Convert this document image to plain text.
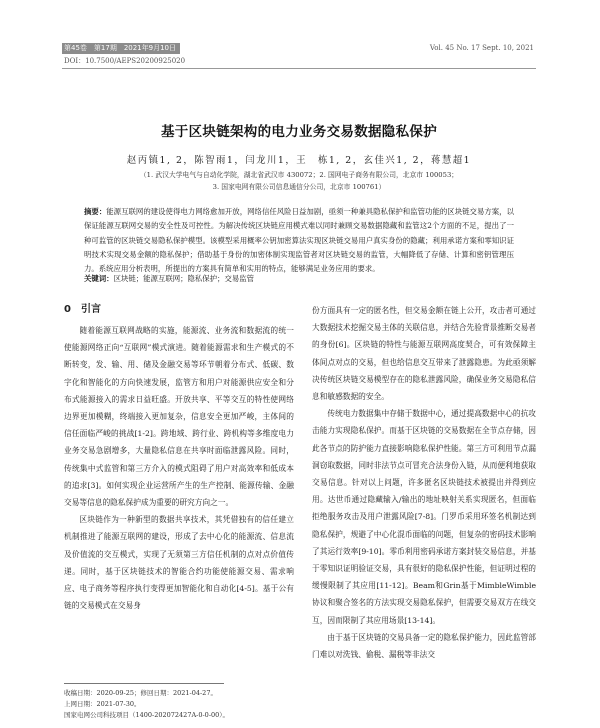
第45卷　第17期　2021年9月10日	Vol. 45 No. 17 Sept. 10, 2021
DOI：10.7500/AEPS20200925020
基于区块链架构的电力业务交易数据隐私保护
赵丙镇1, 2，陈智雨1，闫龙川1，王　栋1, 2，玄佳兴1, 2，蒋慧超1
（1. 武汉大学电气与自动化学院，湖北省武汉市 430072；2. 国网电子商务有限公司，北京市 100053；
3. 国家电网有限公司信息通信分公司，北京市 100761）
摘要：能源互联网的建设使得电力网络愈加开放，网络信任风险日益加剧，亟须一种兼具隐私保护和监管功能的区块链交易方案，以保证能源互联网交易的安全性及可控性。为解决传统区块链应用模式难以同时兼顾交易数据隐藏和监管这2个方面的不足，提出了一种可监管的区块链交易隐私保护模型。该模型采用概率公钥加密算法实现区块链交易用户真实身份的隐藏；利用承诺方案和零知识证明技术实现交易金额的隐私保护；借助基于身份的加密体制实现监管者对区块链交易的监管，大幅降低了存储、计算和密钥管理压力。系统应用分析表明，所提出的方案具有简单和实用的特点，能够满足业务应用的要求。
关键词：区块链；能源互联网；隐私保护；交易监管
0　引言

随着能源互联网战略的实施，能源流、业务流和数据流的统一使能源网络正向“互联网”模式演进。随着能源需求和生产模式的不断转变，发、输、用、储及金融交易等环节朝着分布式、低碳、数字化和智能化的方向快速发展，监管方和用户对能源供应安全和分布式能源接入的需求日益旺盛。开放共享、平等交互的特性使网络边界更加模糊，终端接入更加复杂，信息安全更加严峻，主体间的信任面临严峻的挑战[1-2]。跨地域、跨行业、跨机构等多维度电力业务交易急剧增多，大量隐私信息在共享时面临泄露风险。同时，传统集中式监管和第三方介入的模式阻碍了用户对高效率和低成本的追求[3]。如何实现企业运营所产生的生产控制、能源传输、金融交易等信息的隐私保护成为重要的研究方向之一。

区块链作为一种新型的数据共享技术，其凭借独有的信任建立机制推进了能源互联网的建设，形成了去中心化的能源流、信息流及价值流的交互模式，实现了无须第三方信任机制的点对点价值传递。同时，基于区块链技术的智能合约功能使能源交易、需求响应、电子商务等程序执行变得更加智能化和自动化[4-5]。基于公有链的交易模式在交易身

份方面具有一定的匿名性，但交易金额在链上公开，攻击者可通过大数据技术挖掘交易主体的关联信息，并结合先验背景推断交易者的身份[6]。区块链的特性与能源互联网高度契合，可有效保障主体间点对点的交易，但也给信息交互带来了泄露隐患。为此亟须解决传统区块链交易模型存在的隐私泄露风险，确保业务交易隐私信息和敏感数据的安全。

传统电力数据集中存储于数据中心，通过提高数据中心的抗攻击能力实现隐私保护。而基于区块链的交易数据在全节点存储，因此各节点的防护能力直接影响隐私保护性能。第三方可利用节点漏洞窃取数据，同时非法节点可冒充合法身份入链，从而便利地获取交易信息。针对以上问题，许多匿名区块链技术被提出并得到应用。达世币通过隐藏输入/输出的地址映射关系实现匿名，但面临拒绝服务攻击及用户泄露风险[7-8]。门罗币采用环签名机制达到隐私保护，规避了中心化混币面临的问题，但复杂的密码技术影响了其运行效率[9-10]。零币利用密码承诺方案封装交易信息，并基于零知识证明验证交易，具有很好的隐私保护性能，但证明过程的缓慢限制了其应用[11-12]。Beam和Grin基于MimbleWimble协议和聚合签名的方法实现交易隐私保护，但需要交易双方在线交互，因而限制了其应用场景[13-14]。

由于基于区块链的交易具备一定的隐私保护能力，因此监管部门难以对洗钱、偷税、漏税等非法交

收稿日期：2020-09-25；修回日期：2021-04-27。
上网日期：2021-07-30。
国家电网公司科技项目（1400-202072427A-0-0-00）。
